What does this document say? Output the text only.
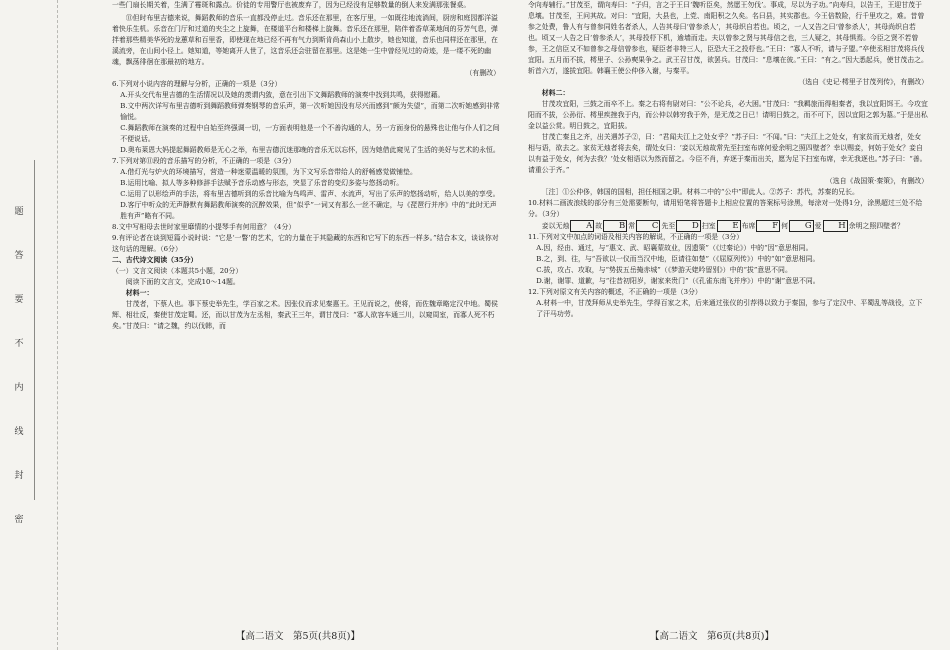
题
答
要
不
内
线
封
密

一些门扇长期关着，生满了霉斑和露点。价徒的专用警厅也被废弃了，因为已经没有足够数量的倒人来发满那张餐桌。

⑪但时布里吉德来说，舞蹈教师的音乐一直都没停止过。音乐还在那里，在客厅里，一如既往地流淌间，厨房和庭园都洋溢着快乐生机。乐音在门厅和过道的夹尘之上旋舞，在楼道平台和楼梯上旋舞。音乐还在那里，陪伴着香草莱地间的芬芳气息，弹拌着那些精美华死的龙蕙草和百里香，即使现在地已经不再有气力到斯肯尚森山小上散步，她也知道，音乐也同样还在那里，在溪流旁，在山间小径上。她知道，等她离开人世了，这音乐还会驻留在那里。这是她一生中曾经见过的奇迹，是一缕不死的幽魂，飘荡徘徊在那最初的地方。

（有删改）

6.下列对小说内容的理解与分析，正确的一项是（3分）

A.开头交代布里吉德的生活情况以及她的羡谓内敛，意在引出下文舞蹈教师的演奏中找到共鸣，获得慰藉。

B.文中两次详写布里吉德听到舞蹈教师弹奏钢琴的音乐声，第一次听她因没有尽兴而感到“颇为失望”，而第二次听她感到非常愉悦。

C.舞蹈教师在演奏的过程中自始至终强调一切，一方面表明他是一个不善沟通的人，另一方面身份的悬殊也让他与仆人们之间不便说话。

D.奥布莱恩大妈提起舞蹈教师是无心之举，布里吉德沉迷那晚的音乐无以忘怀，因为她借此窥见了生活的美好与艺术的永恒。

7.下列对第⑪段的音乐描写的分析，不正确的一项是（3分）

A.借灯光与炉火的环境描写，营造一种迷蒙温暖的氛围，为下文写乐音带给人的舒畅感觉做铺垫。

B.运用比喻、拟人等多种修辞手法赋予音乐动感与形态，突显了乐音的变幻多姿与悠扬动听。

C.运用了以形绘声的手法，将布里吉德听到的乐音比喻为鸟鸣声、雷声、水流声，写出了乐声的悠扬动听，给人以美的享受。

D.客厅中听众的无声静默有舞蹈教师演奏的沉醉效果，但“似乎”一词又有那么一丝不确定，与《琵琶行并序》中的“此时无声胜有声”略有不同。

8.文中写相母去世时家里靡情的小提琴手有何用意？（4分）

9.有评论者在谈到短篇小说时说：“它是‘一瞥’的艺术，它的力量在于其隐藏的东西和它写下的东西一样多。”结合本文，谈谈你对这句话的理解。（6分）

二、古代诗文阅读（35分）

（一）文言文阅读（本题共5小题，20分）

阅读下面的文言文，完成10～14题。

材料一：

甘茂者，下蔡人也。事下蔡史举先生，学百家之术。因张仪而求见秦惠王。王见而说之，使将，而佐魏章略定汉中地。蜀侯辉、相壮反，秦使甘茂定蜀。还，而以甘茂为左丞相，秦武王三年，谓甘茂曰：“寡人欲容车通三川，以窥周室，而寡人死不朽矣。”甘茂曰：“请之魏，约以伐韩，而

令向寿辅行。”甘茂至，谓向寿曰：“子归，言之于王曰‘魏听臣矣，然愿王勿伐’。事成，尽以为子功。”向寿归，以告王，王迎甘茂于息壤。甘茂至，王问其故。对曰：“宜阳，大县也，上党、南阳积之久矣。名曰县，其实郡也。今王倍数险，行千里攻之，难。昔曾参之处费，鲁人有与曾参同姓名者杀人，人告其母曰‘曾参杀人’，其母织自若也。顷之，一人又告之曰‘曾参杀人’，其母尚织自若也。顷又一人告之曰‘曾参杀人’，其母投杼下机，逾墙而走。夫以曾参之贤与其母信之也，三人疑之，其母惧焉。今臣之贤不若曾参，王之信臣又不如曾参之母信曾参也，疑臣者非特三人，臣恐大王之投杼也。”王曰：“寡人不听，请与子盟。”卒使丞相甘茂将兵伐宜阳。五月而不拔，樗里子、公孙奭果争之。武王召甘茂，欲罢兵。甘茂曰：“息壤在彼。”王曰：“有之。”因大悉起兵，使甘茂击之。斩首六万，遂拔宜阳。韩襄王使公仲侈入谢，与秦平。

（选自《史记·樗里子甘茂列传》，有删改）

材料二：

甘茂攻宜阳，三鼓之而卒不上。秦之右将有尉对曰：“公不论兵，必大困。”甘茂曰：“我羁旅而得相秦者，我以宜阳饵王。今攻宜阳而不拔，公孙衍、樗里疾挫我于内，而公仲以韩穷我于外，是无茂之日已！请明日鼓之，而不可下，因以宜阳之郭为墓。”于是出私金以益公赏。明日鼓之，宜阳拔。

甘茂亡秦且之齐，出关遇苏子②，曰：“君闻夫江上之处女乎？”苏子曰：“不闻。”曰：“夫江上之处女，有家贫而无烛者，处女相与语，欲去之。家贫无烛者将去矣，谓处女曰：‘妾以无烛故常先至扫室布席何爱余明之照四壁者？幸以赐妾，何妨于处女？妾自以有益于处女，何为去我？’处女相语以为然而留之。今臣不肖，弃逐于秦而出关，愿为足下扫室布席，幸无我逐也。”苏子曰：“善。请重公于齐。”

（选自《战国策·秦策》，有删改）

［注］①公仲侈，韩国的国相，担任相国之职。材料二中的“公中”即此人。②苏子：苏代，苏秦的兄长。

10.材料二画波浪线的部分有三处需要断句，请用铅笔将答题卡上相应位置的答案标号涂黑，每涂对一处得1分，涂黑超过三处不给分。（3分）

妾以无烛 A 故 B 常 C 先至 D 扫室 E 布席 F 何 G 爱 H 余明之照四壁者？

11.下列对文中加点的词语及相关内容的解说，不正确的一项是（3分）

A.因，经由、通过，与“惠文、武、昭襄蒙故业，因遗策”（《过秦论》）中的“因”意思相同。

B.之，到、往，与“吾欲以一仪而当汉中地，臣请往如楚”（《屈原列传》）中的“如”意思相同。

C.拔，攻占、攻取，与“势拔五岳掩赤城”（《梦游天姥吟留别》）中的“拔”意思不同。

D.谢，谢罪、道歉，与“往昔初阳岁，谢家来贵门”（《孔雀东南飞并序》）中的“谢”意思不同。

12.下列对原文有关内容的概述，不正确的一项是（3分）

A.材料一中，甘茂拜师从史举先生，学得百家之术，后来通过张仪的引荐得以致力于秦国，参与了定汉中、平蜀乱等战役，立下了汗马功劳。

【高二语文　第5页(共8页)】	【高二语文　第6页(共8页)】
